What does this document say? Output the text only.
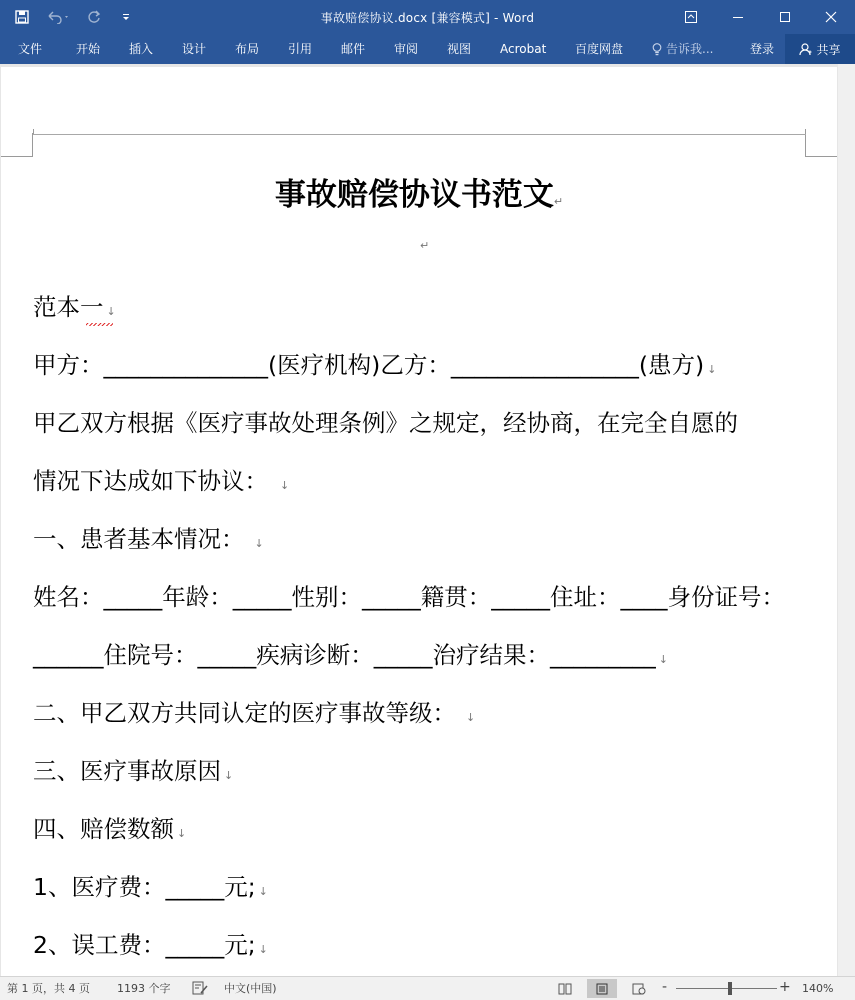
事故赔偿协议.docx [兼容模式] - Word
文件	开始 插入 设计 布局 引用 邮件 审阅 视图 Acrobat 百度网盘	告诉我...	登录	共享
事故赔偿协议书范文↵
↵
范本一 ↓
甲方：______________(医疗机构)乙方：________________(患方) ↓
甲乙双方根据《医疗事故处理条例》之规定，经协商，在完全自愿的
情况下达成如下协议： ↓
一、患者基本情况： ↓
姓名：_____年龄：_____性别：_____籍贯：_____住址：____身份证号：
______住院号：_____疾病诊断：_____治疗结果：_________ ↓
二、甲乙双方共同认定的医疗事故等级： ↓
三、医疗事故原因 ↓
四、赔偿数额 ↓
1、医疗费：_____元; ↓
2、误工费：_____元; ↓
第 1 页，共 4 页 1193 个字	中文(中国)	-	+ 140%
